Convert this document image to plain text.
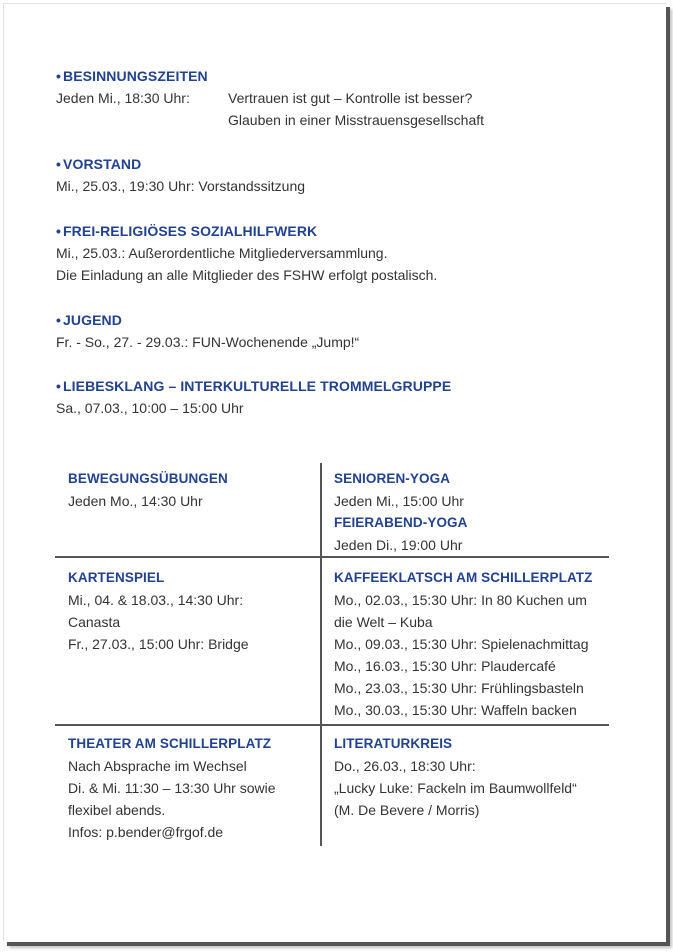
• BESINNUNGSZEITEN
Jeden Mi., 18:30 Uhr:	Vertrauen ist gut – Kontrolle ist besser?
Glauben in einer Misstrauensgesellschaft
• VORSTAND
Mi., 25.03., 19:30 Uhr: Vorstandssitzung
• FREI-RELIGIÖSES SOZIALHILFWERK
Mi., 25.03.: Außerordentliche Mitgliederversammlung.
Die Einladung an alle Mitglieder des FSHW erfolgt postalisch.
• JUGEND
Fr. - So., 27. - 29.03.: FUN-Wochenende „Jump!“
• LIEBESKLANG – INTERKULTURELLE TROMMELGRUPPE
Sa., 07.03., 10:00 – 15:00 Uhr
BEWEGUNGSÜBUNGEN
Jeden Mo., 14:30 Uhr
SENIOREN-YOGA
Jeden Mi., 15:00 Uhr
FEIERABEND-YOGA
Jeden Di., 19:00 Uhr
KARTENSPIEL
Mi., 04. & 18.03., 14:30 Uhr:
Canasta
Fr., 27.03., 15:00 Uhr: Bridge
KAFFEEKLATSCH AM SCHILLERPLATZ
Mo., 02.03., 15:30 Uhr: In 80 Kuchen um
die Welt – Kuba
Mo., 09.03., 15:30 Uhr: Spielenachmittag
Mo., 16.03., 15:30 Uhr: Plaudercafé
Mo., 23.03., 15:30 Uhr: Frühlingsbasteln
Mo., 30.03., 15:30 Uhr: Waffeln backen
THEATER AM SCHILLERPLATZ
Nach Absprache im Wechsel
Di. & Mi. 11:30 – 13:30 Uhr sowie
flexibel abends.
Infos: p.bender@frgof.de
LITERATURKREIS
Do., 26.03., 18:30 Uhr:
„Lucky Luke: Fackeln im Baumwollfeld“
(M. De Bevere / Morris)
